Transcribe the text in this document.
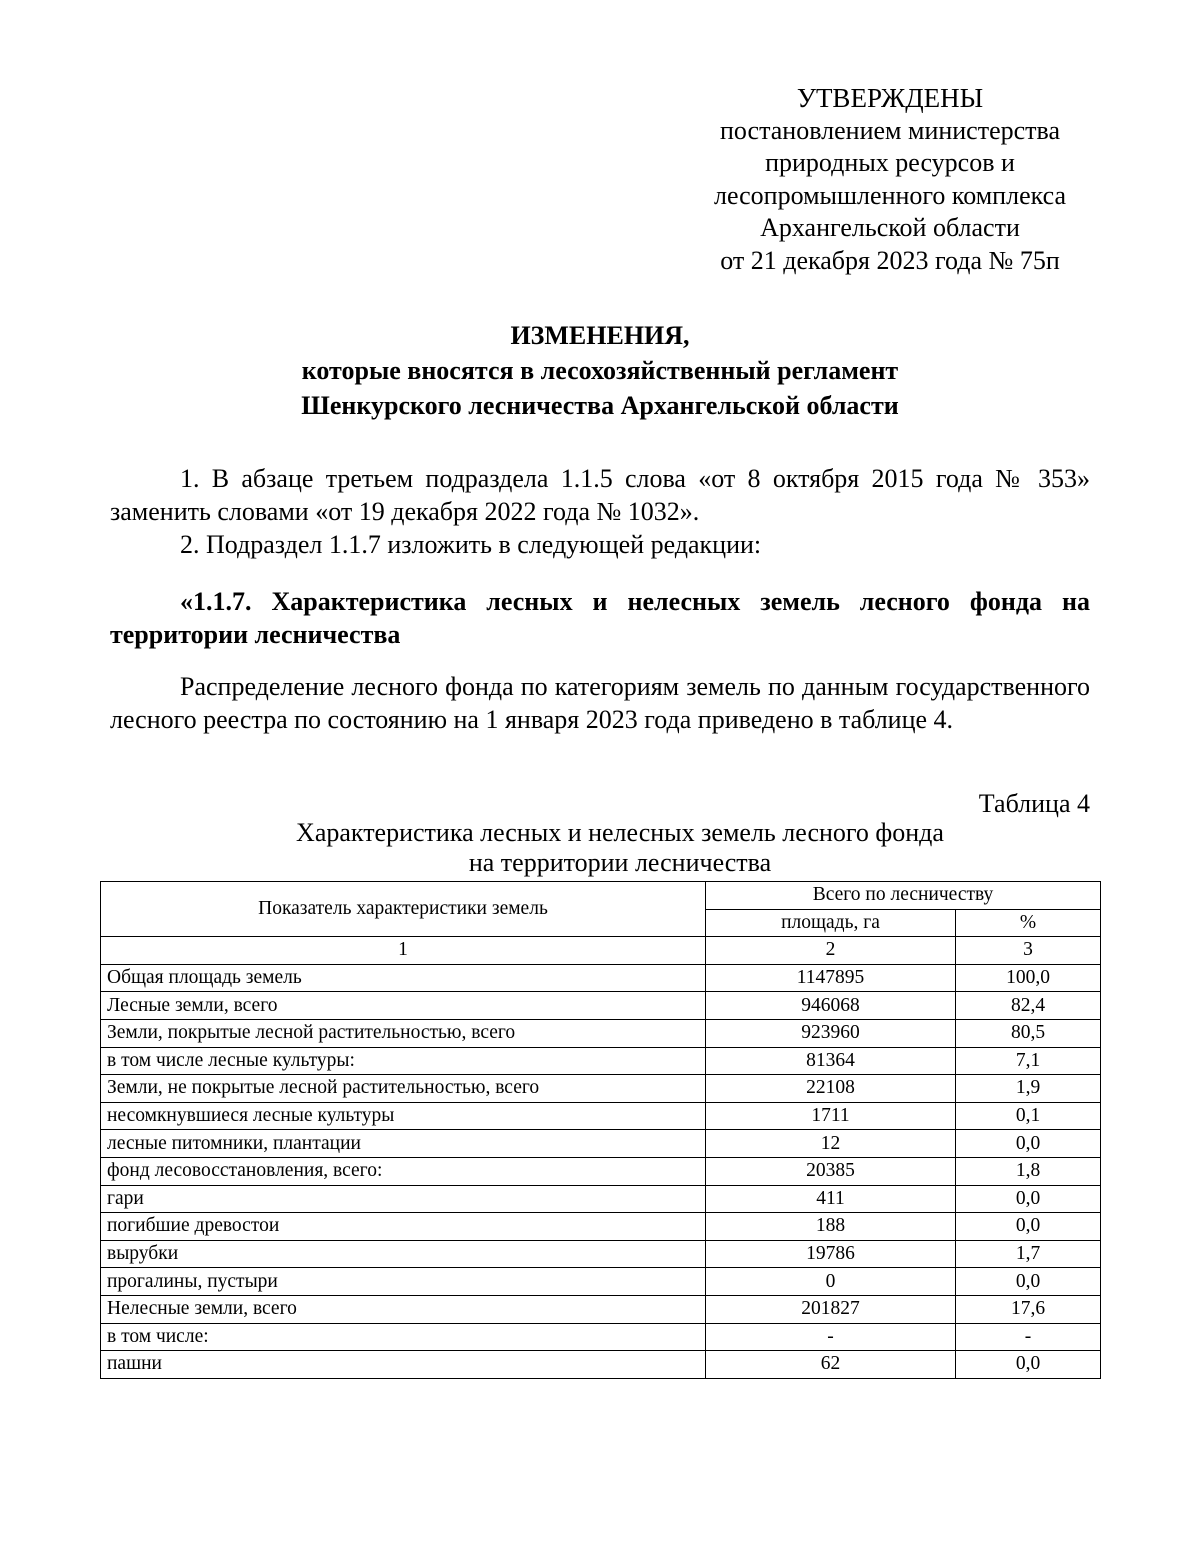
УТВЕРЖДЕНЫ
постановлением министерства
природных ресурсов и
лесопромышленного комплекса
Архангельской области
от 21 декабря 2023 года № 75п
ИЗМЕНЕНИЯ,
которые вносятся в лесохозяйственный регламент
Шенкурского лесничества Архангельской области
1. В абзаце третьем подраздела 1.1.5 слова «от 8 октября 2015 года № 353» заменить словами «от 19 декабря 2022 года № 1032».
2. Подраздел 1.1.7 изложить в следующей редакции:
«1.1.7. Характеристика лесных и нелесных земель лесного фонда на территории лесничества
Распределение лесного фонда по категориям земель по данным государственного лесного реестра по состоянию на 1 января 2023 года приведено в таблице 4.
Таблица 4
Характеристика лесных и нелесных земель лесного фонда
на территории лесничества
Показатель характеристики земель	Всего по лесничеству	
	площадь, га	%
1	2	3
Общая площадь земель	1147895	100,0
Лесные земли, всего	946068	82,4
Земли, покрытые лесной растительностью, всего	923960	80,5
в том числе лесные культуры:	81364	7,1
Земли, не покрытые лесной растительностью, всего	22108	1,9
несомкнувшиеся лесные культуры	1711	0,1
лесные питомники, плантации	12	0,0
фонд лесовосстановления, всего:	20385	1,8
гари	411	0,0
погибшие древостои	188	0,0
вырубки	19786	1,7
прогалины, пустыри	0	0,0
Нелесные земли, всего	201827	17,6
в том числе:	-	-
пашни	62	0,0
